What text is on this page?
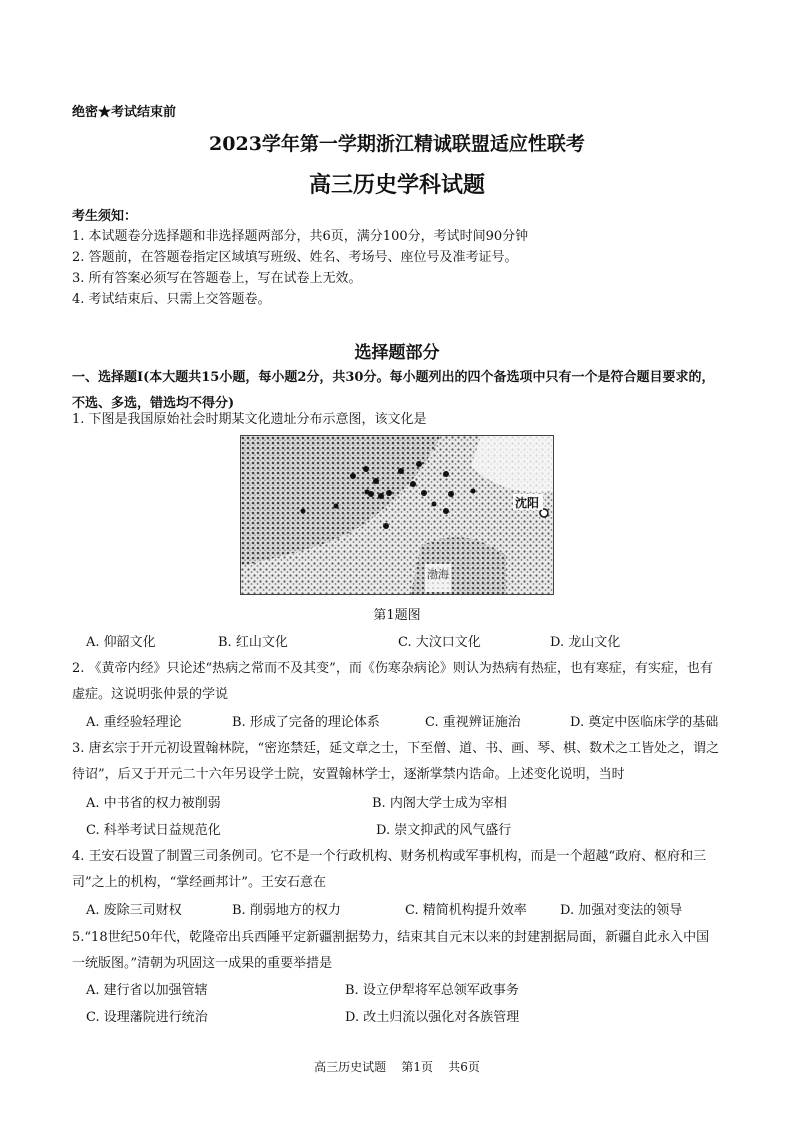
绝密★考试结束前
2023学年第一学期浙江精诚联盟适应性联考
高三历史学科试题
考生须知：
1. 本试题卷分选择题和非选择题两部分，共6页，满分100分，考试时间90分钟
2. 答题前，在答题卷指定区域填写班级、姓名、考场号、座位号及准考证号。
3. 所有答案必须写在答题卷上，写在试卷上无效。
4. 考试结束后、只需上交答题卷。
选择题部分
一、选择题Ⅰ(本大题共15小题，每小题2分，共30分。每小题列出的四个备选项中只有一个是符合题目要求的，不选、多选，错选均不得分)
1. 下图是我国原始社会时期某文化遗址分布示意图，该文化是
沈阳
渤海
第1题图
A. 仰韶文化	B. 红山文化	C. 大汶口文化	D. 龙山文化
2. 《黄帝内经》只论述“热病之常而不及其变”，而《伤寒杂病论》则认为热病有热症，也有寒症，有实症，也有虚症。这说明张仲景的学说
A. 重经验轻理论	B. 形成了完备的理论体系	C. 重视辨证施治	D. 奠定中医临床学的基础
3. 唐玄宗于开元初设置翰林院，“密迩禁廷，延文章之士，下至僧、道、书、画、琴、棋、数术之工皆处之，谓之待诏”，后又于开元二十六年另设学士院，安置翰林学士，逐渐掌禁内诰命。上述变化说明，当时
A. 中书省的权力被削弱	B. 内阁大学士成为宰相
C. 科举考试日益规范化	D. 崇文抑武的风气盛行
4. 王安石设置了制置三司条例司。它不是一个行政机构、财务机构或军事机构，而是一个超越“政府、枢府和三司”之上的机构，“掌经画邦计”。王安石意在
A. 废除三司财权	B. 削弱地方的权力	C. 精简机构提升效率	D. 加强对变法的领导
5.“18世纪50年代，乾隆帝出兵西陲平定新疆割据势力，结束其自元末以来的封建割据局面，新疆自此永入中国一统版图。”清朝为巩固这一成果的重要举措是
A. 建行省以加强管辖	B. 设立伊犁将军总领军政事务
C. 设理藩院进行统治	D. 改土归流以强化对各族管理
高三历史试题 第1页 共6页
